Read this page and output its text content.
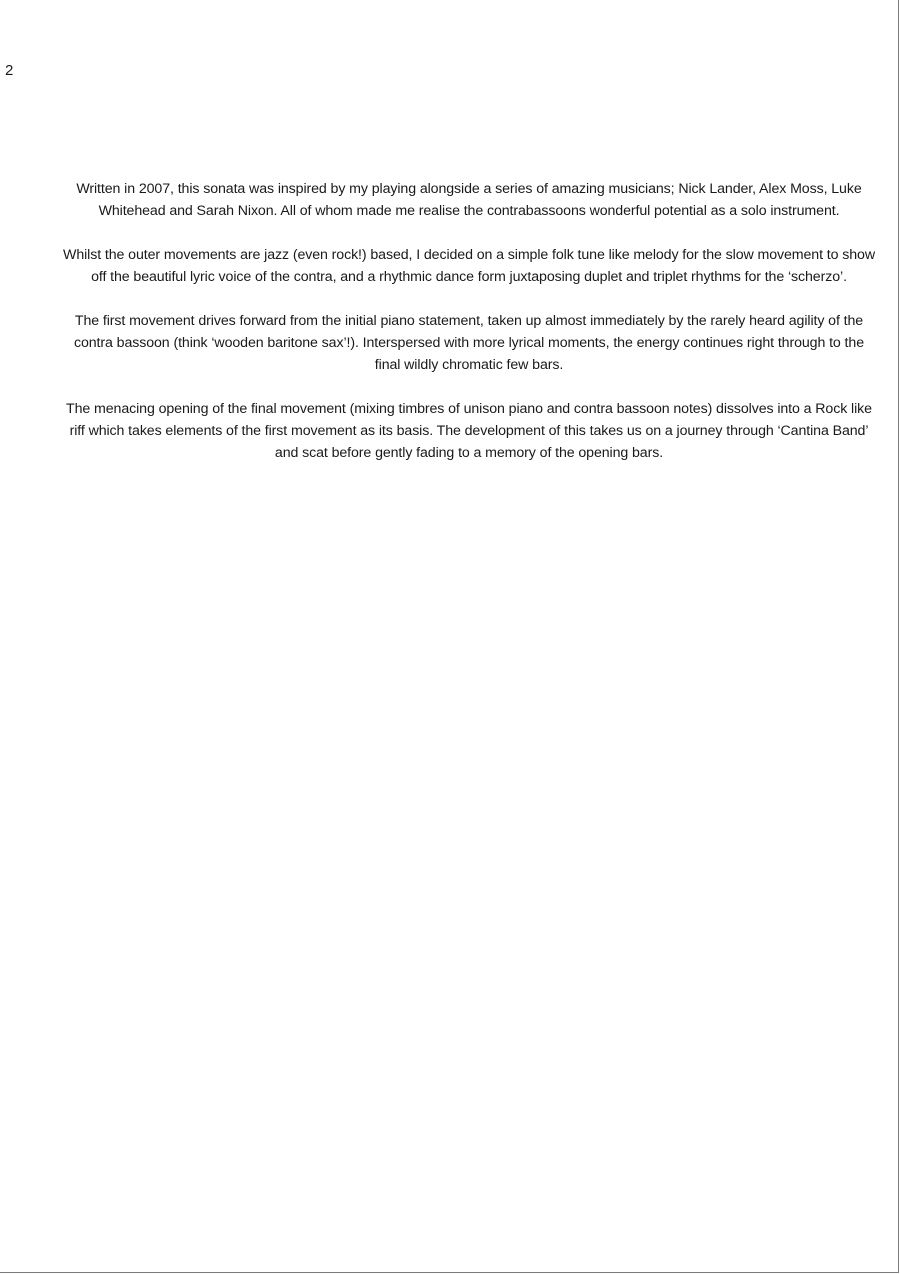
2

Written in 2007, this sonata was inspired by my playing alongside a series of amazing musicians; Nick Lander, Alex Moss, Luke Whitehead and Sarah Nixon. All of whom made me realise the contrabassoons wonderful potential as a solo instrument.

Whilst the outer movements are jazz (even rock!) based, I decided on a simple folk tune like melody for the slow movement to show off the beautiful lyric voice of the contra, and a rhythmic dance form juxtaposing duplet and triplet rhythms for the ‘scherzo’.

The first movement drives forward from the initial piano statement, taken up almost immediately by the rarely heard agility of the contra bassoon (think ‘wooden baritone sax’!). Interspersed with more lyrical moments, the energy continues right through to the final wildly chromatic few bars.

The menacing opening of the final movement (mixing timbres of unison piano and contra bassoon notes) dissolves into a Rock like riff which takes elements of the first movement as its basis. The development of this takes us on a journey through ‘Cantina Band’ and scat before gently fading to a memory of the opening bars.
